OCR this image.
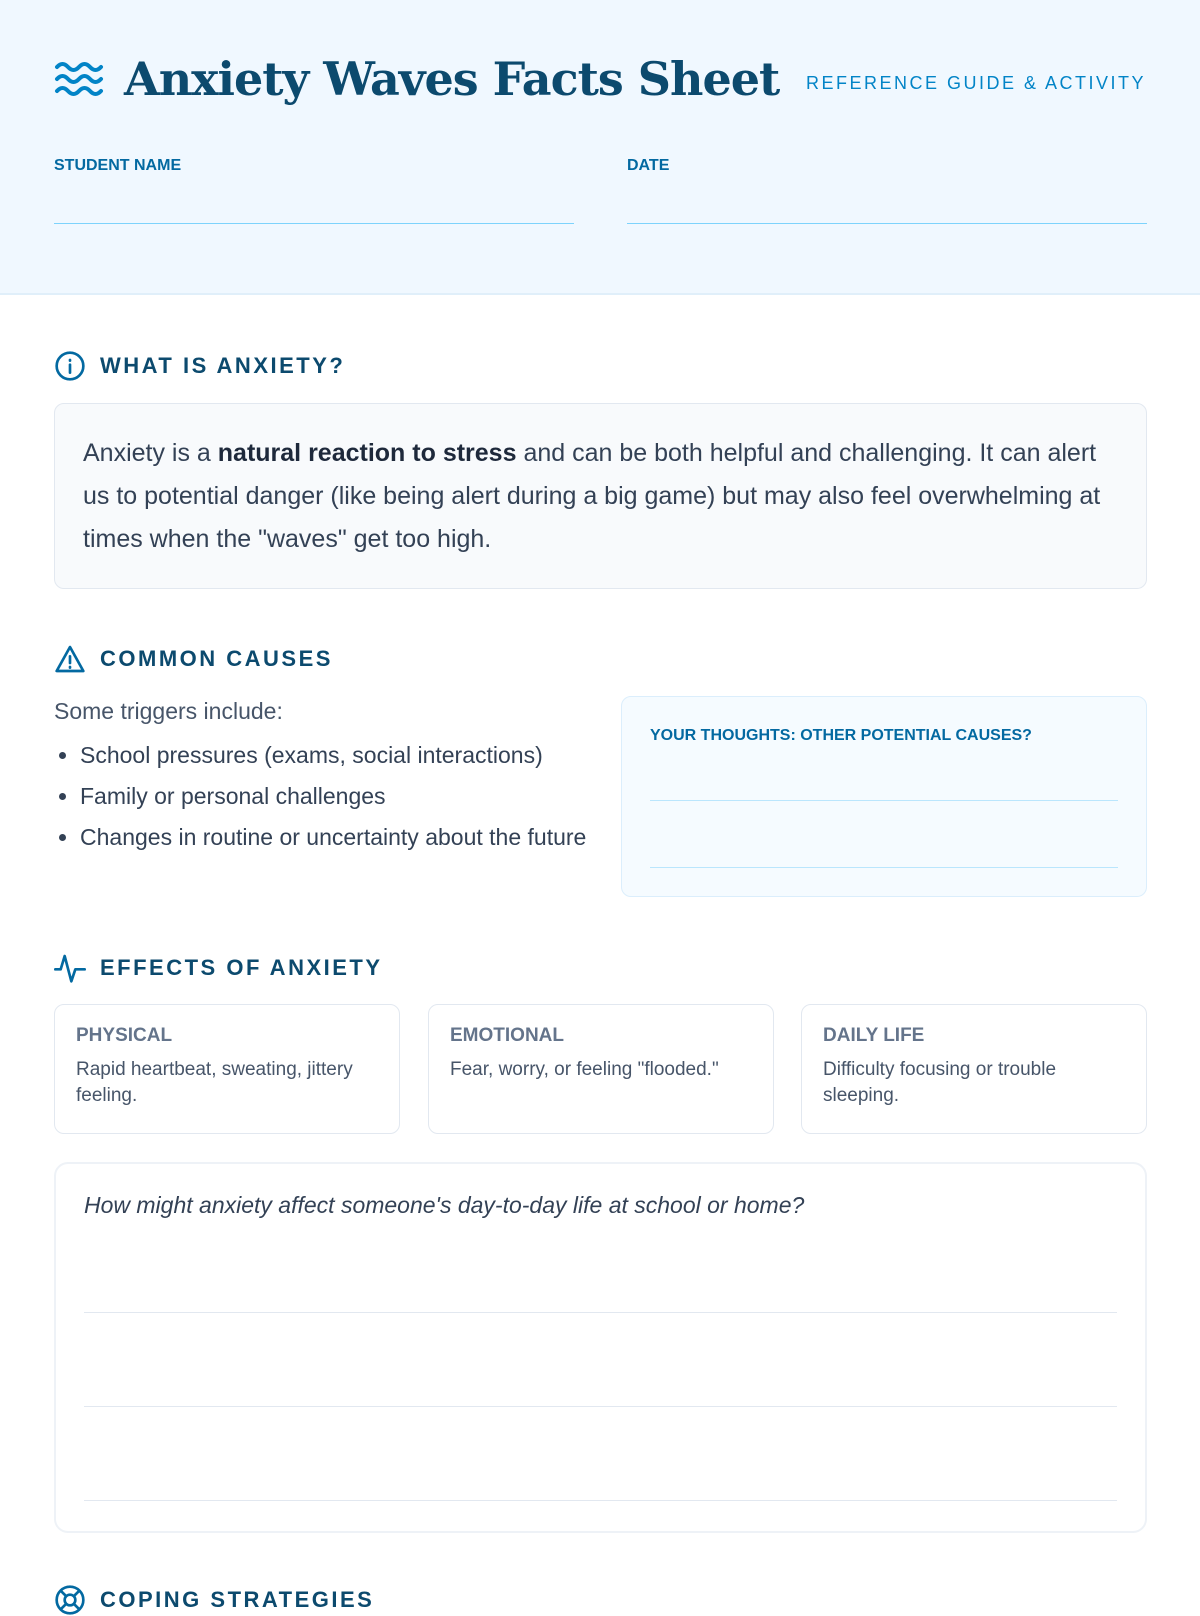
Anxiety Waves Facts Sheet REFERENCE GUIDE & ACTIVITY
STUDENT NAME	DATE
WHAT IS ANXIETY?
Anxiety is a natural reaction to stress and can be both helpful and challenging. It can alert us to potential danger (like being alert during a big game) but may also feel overwhelming at times when the "waves" get too high.
COMMON CAUSES
Some triggers include:
• School pressures (exams, social interactions)
• Family or personal challenges
• Changes in routine or uncertainty about the future
YOUR THOUGHTS: OTHER POTENTIAL CAUSES?
EFFECTS OF ANXIETY
PHYSICAL
Rapid heartbeat, sweating, jittery feeling.
EMOTIONAL
Fear, worry, or feeling "flooded."
DAILY LIFE
Difficulty focusing or trouble sleeping.
How might anxiety affect someone's day-to-day life at school or home?
COPING STRATEGIES
